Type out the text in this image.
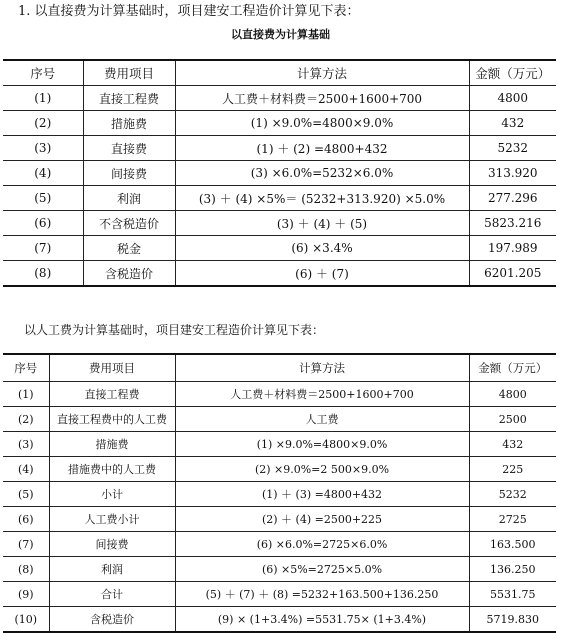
1. 以直接费为计算基础时，项目建安工程造价计算见下表：
以直接费为计算基础
序号	费用项目	计算方法	金额（万元）
(1)	直接工程费	人工费＋材料费＝2500+1600+700	4800
(2)	措施费	(1) ×9.0%=4800×9.0%	432
(3)	直接费	(1) ＋ (2) =4800+432	5232
(4)	间接费	(3) ×6.0%=5232×6.0%	313.920
(5)	利润	(3) ＋ (4) ×5%＝ (5232+313.920) ×5.0%	277.296
(6)	不含税造价	(3) ＋ (4) ＋ (5)	5823.216
(7)	税金	(6) ×3.4%	197.989
(8)	含税造价	(6) ＋ (7)	6201.205
以人工费为计算基础时，项目建安工程造价计算见下表：
序号	费用项目	计算方法	金额（万元）
(1)	直接工程费	人工费＋材料费＝2500+1600+700	4800
(2)	直接工程费中的人工费	人工费	2500
(3)	措施费	(1) ×9.0%=4800×9.0%	432
(4)	措施费中的人工费	(2) ×9.0%=2 500×9.0%	225
(5)	小计	(1) ＋ (3) =4800+432	5232
(6)	人工费小计	(2) ＋ (4) =2500+225	2725
(7)	间接费	(6) ×6.0%=2725×6.0%	163.500
(8)	利润	(6) ×5%=2725×5.0%	136.250
(9)	合计	(5) ＋ (7) ＋ (8) =5232+163.500+136.250	5531.75
(10)	含税造价	(9) × (1+3.4%) =5531.75× (1+3.4%)	5719.830
